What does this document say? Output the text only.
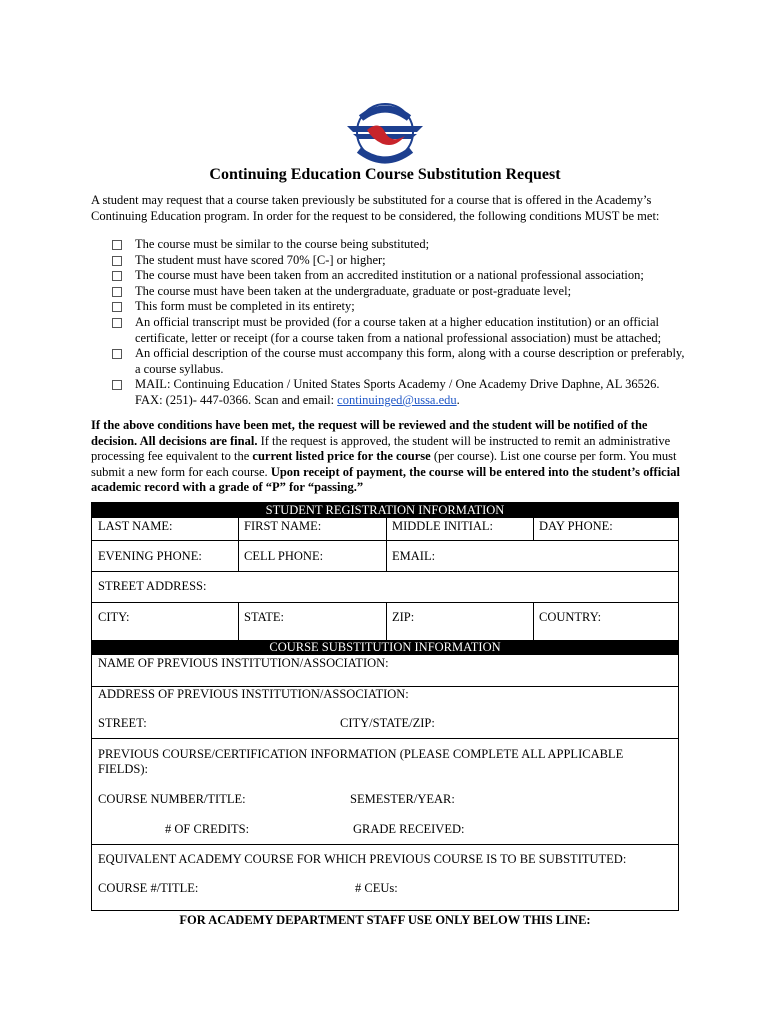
Continuing Education Course Substitution Request

A student may request that a course taken previously be substituted for a course that is offered in the Academy’s Continuing Education program. In order for the request to be considered, the following conditions MUST be met:

The course must be similar to the course being substituted;
The student must have scored 70% [C-] or higher;
The course must have been taken from an accredited institution or a national professional association;
The course must have been taken at the undergraduate, graduate or post-graduate level;
This form must be completed in its entirety;
An official transcript must be provided (for a course taken at a higher education institution) or an official certificate, letter or receipt (for a course taken from a national professional association) must be attached;
An official description of the course must accompany this form, along with a course description or preferably, a course syllabus.
MAIL: Continuing Education / United States Sports Academy / One Academy Drive Daphne, AL 36526. FAX: (251)- 447-0366. Scan and email: continuinged@ussa.edu.

If the above conditions have been met, the request will be reviewed and the student will be notified of the decision. All decisions are final. If the request is approved, the student will be instructed to remit an administrative processing fee equivalent to the current listed price for the course (per course). List one course per form. You must submit a new form for each course. Upon receipt of payment, the course will be entered into the student’s official academic record with a grade of “P” for “passing.”

STUDENT REGISTRATION INFORMATION
LAST NAME:	FIRST NAME:	MIDDLE INITIAL:	DAY PHONE:
EVENING PHONE:	CELL PHONE:	EMAIL:
STREET ADDRESS:
CITY:	STATE:	ZIP:	COUNTRY:
COURSE SUBSTITUTION INFORMATION
NAME OF PREVIOUS INSTITUTION/ASSOCIATION:
ADDRESS OF PREVIOUS INSTITUTION/ASSOCIATION:
STREET:	CITY/STATE/ZIP:
PREVIOUS COURSE/CERTIFICATION INFORMATION (PLEASE COMPLETE ALL APPLICABLE
FIELDS):
COURSE NUMBER/TITLE:	SEMESTER/YEAR:
# OF CREDITS:	GRADE RECEIVED:
EQUIVALENT ACADEMY COURSE FOR WHICH PREVIOUS COURSE IS TO BE SUBSTITUTED:
COURSE #/TITLE:	# CEUs:
FOR ACADEMY DEPARTMENT STAFF USE ONLY BELOW THIS LINE:
